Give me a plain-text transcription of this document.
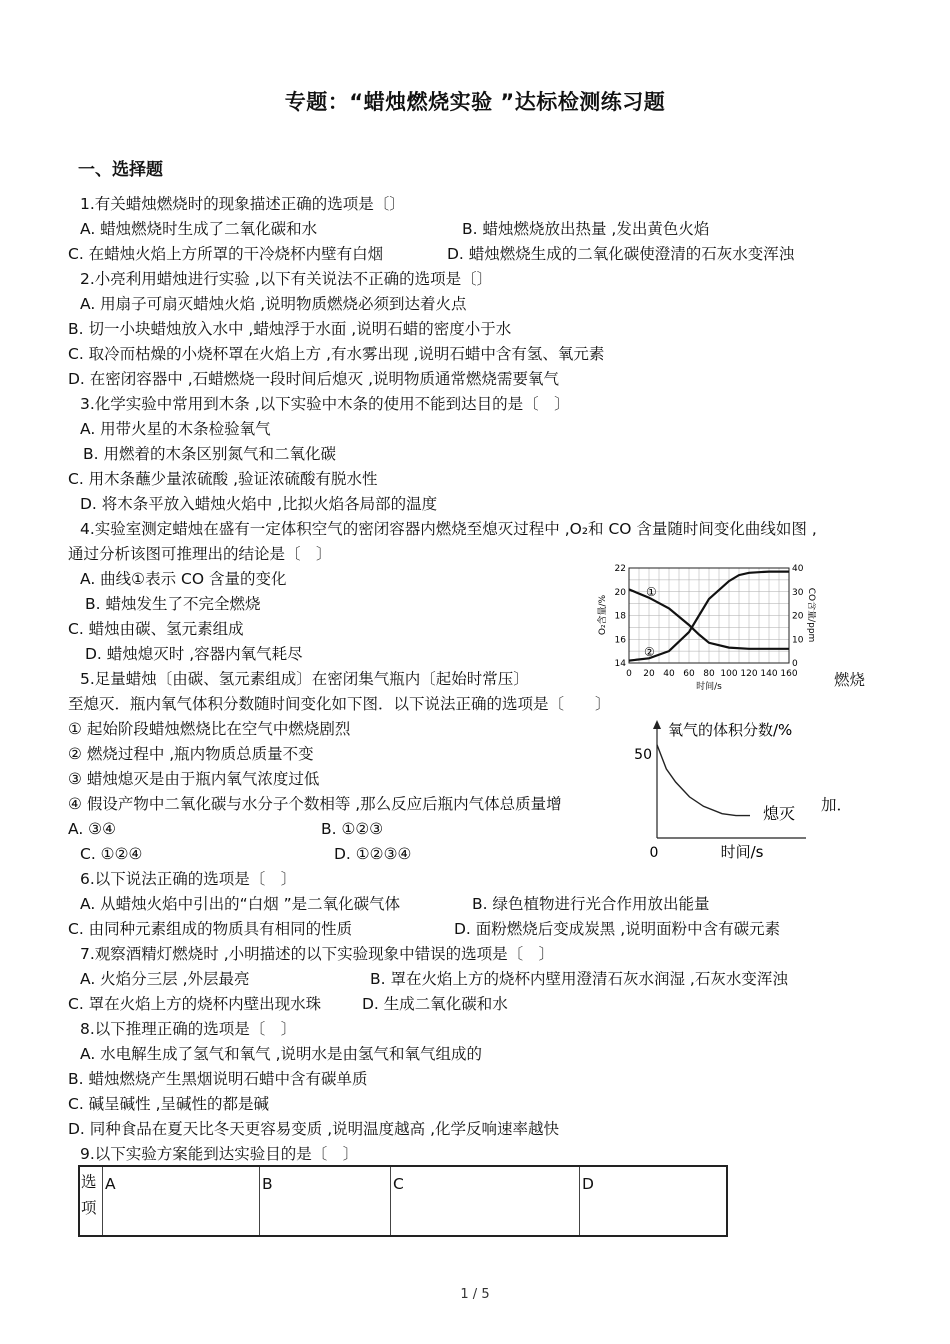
专题：“蜡烛燃烧实验 ”达标检测练习题
一、选择题
1.有关蜡烛燃烧时的现象描述正确的选项是〔〕
A. 蜡烛燃烧时生成了二氧化碳和水	B. 蜡烛燃烧放出热量 ,发出黄色火焰
C. 在蜡烛火焰上方所罩的干冷烧杯内壁有白烟	D. 蜡烛燃烧生成的二氧化碳使澄清的石灰水变浑浊
2.小亮利用蜡烛进行实验 ,以下有关说法不正确的选项是〔〕
A. 用扇子可扇灭蜡烛火焰 ,说明物质燃烧必须到达着火点
B. 切一小块蜡烛放入水中 ,蜡烛浮于水面 ,说明石蜡的密度小于水
C. 取冷而枯燥的小烧杯罩在火焰上方 ,有水雾出现 ,说明石蜡中含有氢、氧元素
D. 在密闭容器中 ,石蜡燃烧一段时间后熄灭 ,说明物质通常燃烧需要氧气
3.化学实验中常用到木条 ,以下实验中木条的使用不能到达目的是〔　〕
A. 用带火星的木条检验氧气
B. 用燃着的木条区别氮气和二氧化碳
C. 用木条蘸少量浓硫酸 ,验证浓硫酸有脱水性
D. 将木条平放入蜡烛火焰中 ,比拟火焰各局部的温度
4.实验室测定蜡烛在盛有一定体积空气的密闭容器内燃烧至熄灭过程中 ,O₂和 CO 含量随时间变化曲线如图 ,
通过分析该图可推理出的结论是〔　〕
A. 曲线①表示 CO 含量的变化
B. 蜡烛发生了不完全燃烧
C. 蜡烛由碳、氢元素组成
D. 蜡烛熄灭时 ,容器内氧气耗尽
①
②
0 20 40 60 80 100 120 140 160
14
16
18
20
22
0
10
20
30
40
时间/s
O₂含量/%	CO含量/ppm
5.足量蜡烛〔由碳、氢元素组成〕在密闭集气瓶内〔起始时常压〕	燃烧
至熄灭．瓶内氧气体积分数随时间变化如下图．以下说法正确的选项是〔　　〕
① 起始阶段蜡烛燃烧比在空气中燃烧剧烈
② 燃烧过程中 ,瓶内物质总质量不变
③ 蜡烛熄灭是由于瓶内氧气浓度过低
④ 假设产物中二氧化碳与水分子个数相等 ,那么反应后瓶内气体总质量增	加．
A. ③④	B. ①②③
C. ①②④	D. ①②③④
氧气的体积分数/%
50
0	时间/s
熄灭
6.以下说法正确的选项是〔　〕
A. 从蜡烛火焰中引出的“白烟 ”是二氧化碳气体	B. 绿色植物进行光合作用放出能量
C. 由同种元素组成的物质具有相同的性质	D. 面粉燃烧后变成炭黑 ,说明面粉中含有碳元素
7.观察酒精灯燃烧时 ,小明描述的以下实验现象中错误的选项是〔　〕
A. 火焰分三层 ,外层最亮	B. 罩在火焰上方的烧杯内壁用澄清石灰水润湿 ,石灰水变浑浊
C. 罩在火焰上方的烧杯内壁出现水珠	D. 生成二氧化碳和水
8.以下推理正确的选项是〔　〕
A. 水电解生成了氢气和氧气 ,说明水是由氢气和氧气组成的
B. 蜡烛燃烧产生黑烟说明石蜡中含有碳单质
C. 碱呈碱性 ,呈碱性的都是碱
D. 同种食品在夏天比冬天更容易变质 ,说明温度越高 ,化学反响速率越快
9.以下实验方案能到达实验目的是〔　〕
选项	A	B	C	D
1 / 5
